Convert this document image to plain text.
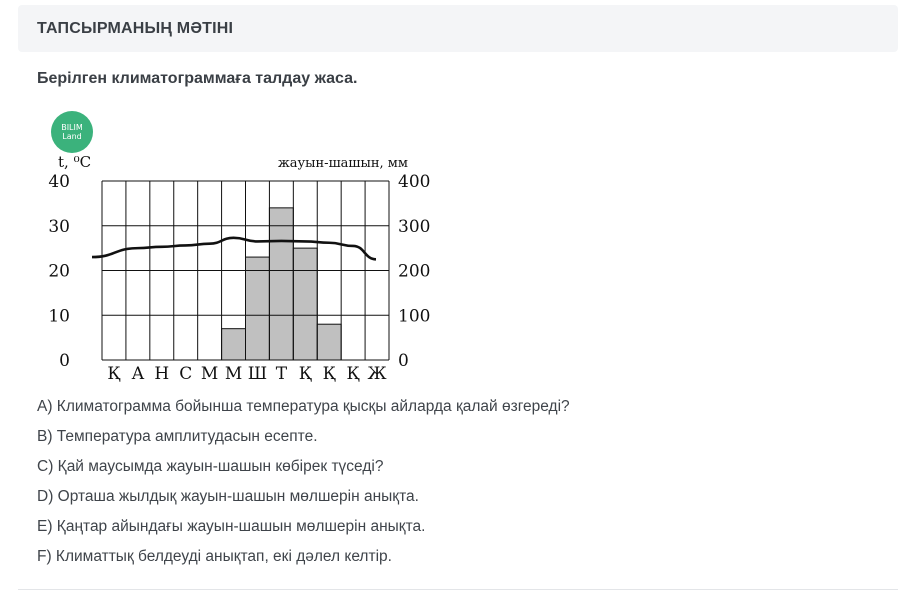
ТАПСЫРМАНЫҢ МӘТІНІ
Берілген климатограммаға талдау жаса.
BILIM
Land
t, ⁰C	жауын-шашын, мм
40
30
20
10
0
400
300
200
100
0
Қ А Н С М М Ш Т Қ Қ Қ Ж
A) Климатограмма бойынша температура қысқы айларда қалай өзгереді?
B) Температура амплитудасын есепте.
C) Қай маусымда жауын-шашын көбірек түседі?
D) Орташа жылдық жауын-шашын мөлшерін анықта.
E) Қаңтар айындағы жауын-шашын мөлшерін анықта.
F) Климаттық белдеуді анықтап, екі дәлел келтір.
